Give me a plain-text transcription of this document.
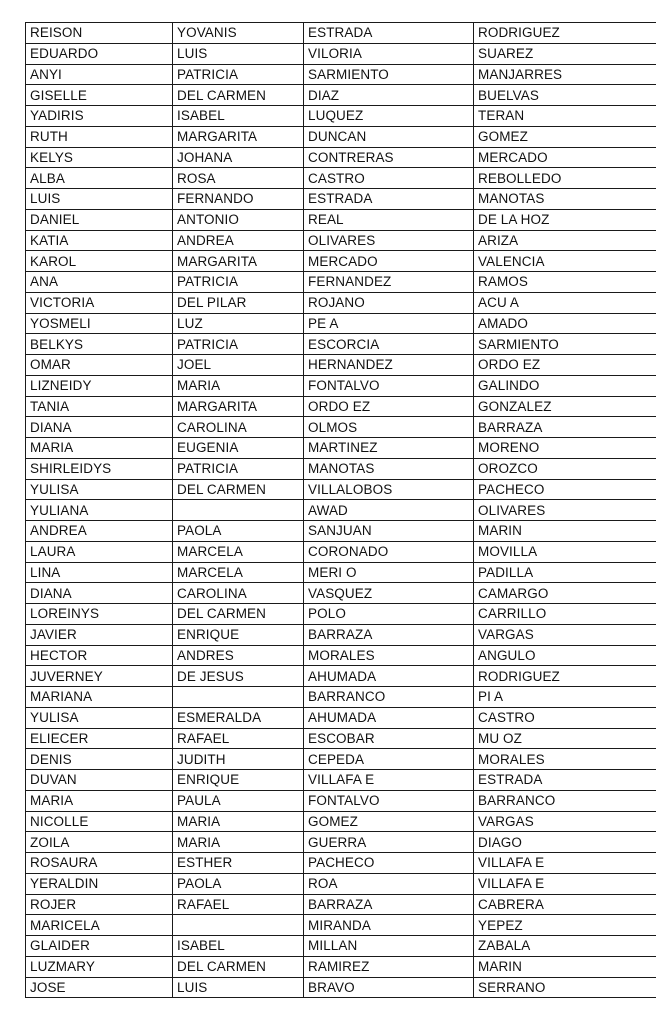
REISON	YOVANIS	ESTRADA	RODRIGUEZ
EDUARDO	LUIS	VILORIA	SUAREZ
ANYI	PATRICIA	SARMIENTO	MANJARRES
GISELLE	DEL CARMEN	DIAZ	BUELVAS
YADIRIS	ISABEL	LUQUEZ	TERAN
RUTH	MARGARITA	DUNCAN	GOMEZ
KELYS	JOHANA	CONTRERAS	MERCADO
ALBA	ROSA	CASTRO	REBOLLEDO
LUIS	FERNANDO	ESTRADA	MANOTAS
DANIEL	ANTONIO	REAL	DE LA HOZ
KATIA	ANDREA	OLIVARES	ARIZA
KAROL	MARGARITA	MERCADO	VALENCIA
ANA	PATRICIA	FERNANDEZ	RAMOS
VICTORIA	DEL PILAR	ROJANO	ACU A
YOSMELI	LUZ	PE A	AMADO
BELKYS	PATRICIA	ESCORCIA	SARMIENTO
OMAR	JOEL	HERNANDEZ	ORDO EZ
LIZNEIDY	MARIA	FONTALVO	GALINDO
TANIA	MARGARITA	ORDO EZ	GONZALEZ
DIANA	CAROLINA	OLMOS	BARRAZA
MARIA	EUGENIA	MARTINEZ	MORENO
SHIRLEIDYS	PATRICIA	MANOTAS	OROZCO
YULISA	DEL CARMEN	VILLALOBOS	PACHECO
YULIANA		AWAD	OLIVARES
ANDREA	PAOLA	SANJUAN	MARIN
LAURA	MARCELA	CORONADO	MOVILLA
LINA	MARCELA	MERI O	PADILLA
DIANA	CAROLINA	VASQUEZ	CAMARGO
LOREINYS	DEL CARMEN	POLO	CARRILLO
JAVIER	ENRIQUE	BARRAZA	VARGAS
HECTOR	ANDRES	MORALES	ANGULO
JUVERNEY	DE JESUS	AHUMADA	RODRIGUEZ
MARIANA		BARRANCO	PI A
YULISA	ESMERALDA	AHUMADA	CASTRO
ELIECER	RAFAEL	ESCOBAR	MU OZ
DENIS	JUDITH	CEPEDA	MORALES
DUVAN	ENRIQUE	VILLAFA E	ESTRADA
MARIA	PAULA	FONTALVO	BARRANCO
NICOLLE	MARIA	GOMEZ	VARGAS
ZOILA	MARIA	GUERRA	DIAGO
ROSAURA	ESTHER	PACHECO	VILLAFA E
YERALDIN	PAOLA	ROA	VILLAFA E
ROJER	RAFAEL	BARRAZA	CABRERA
MARICELA		MIRANDA	YEPEZ
GLAIDER	ISABEL	MILLAN	ZABALA
LUZMARY	DEL CARMEN	RAMIREZ	MARIN
JOSE	LUIS	BRAVO	SERRANO
